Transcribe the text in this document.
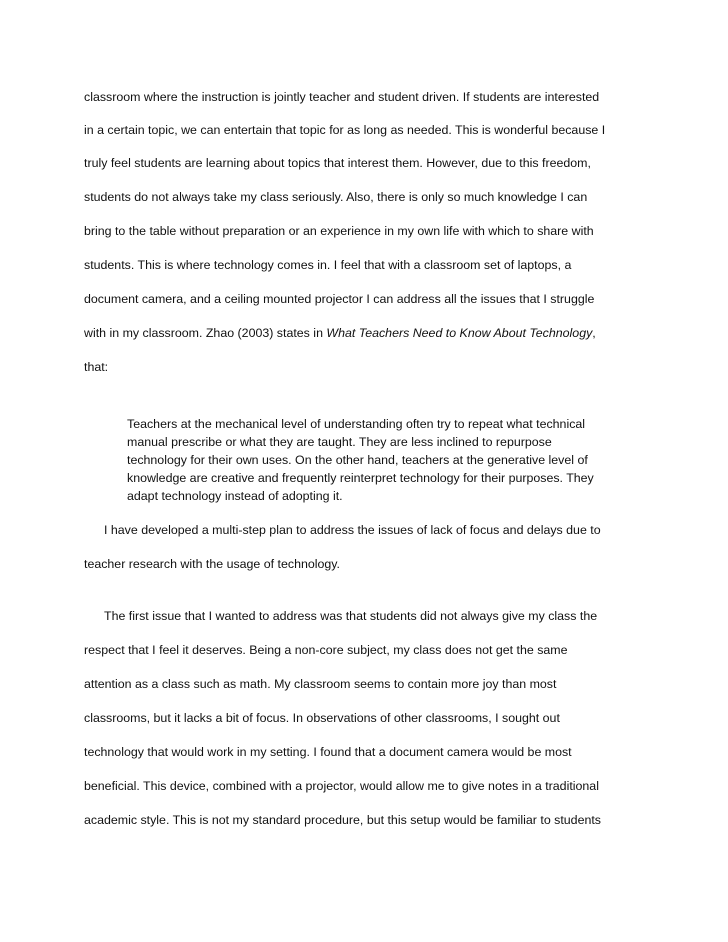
classroom where the instruction is jointly teacher and student driven. If students are interested

in a certain topic, we can entertain that topic for as long as needed. This is wonderful because I

truly feel students are learning about topics that interest them. However, due to this freedom,

students do not always take my class seriously. Also, there is only so much knowledge I can

bring to the table without preparation or an experience in my own life with which to share with

students. This is where technology comes in. I feel that with a classroom set of laptops, a

document camera, and a ceiling mounted projector I can address all the issues that I struggle

with in my classroom. Zhao (2003) states in What Teachers Need to Know About Technology,

that:

Teachers at the mechanical level of understanding often try to repeat what technical

manual prescribe or what they are taught. They are less inclined to repurpose

technology for their own uses. On the other hand, teachers at the generative level of

knowledge are creative and frequently reinterpret technology for their purposes. They

adapt technology instead of adopting it.

I have developed a multi-step plan to address the issues of lack of focus and delays due to

teacher research with the usage of technology.

The first issue that I wanted to address was that students did not always give my class the

respect that I feel it deserves. Being a non-core subject, my class does not get the same

attention as a class such as math. My classroom seems to contain more joy than most

classrooms, but it lacks a bit of focus. In observations of other classrooms, I sought out

technology that would work in my setting. I found that a document camera would be most

beneficial. This device, combined with a projector, would allow me to give notes in a traditional

academic style. This is not my standard procedure, but this setup would be familiar to students
